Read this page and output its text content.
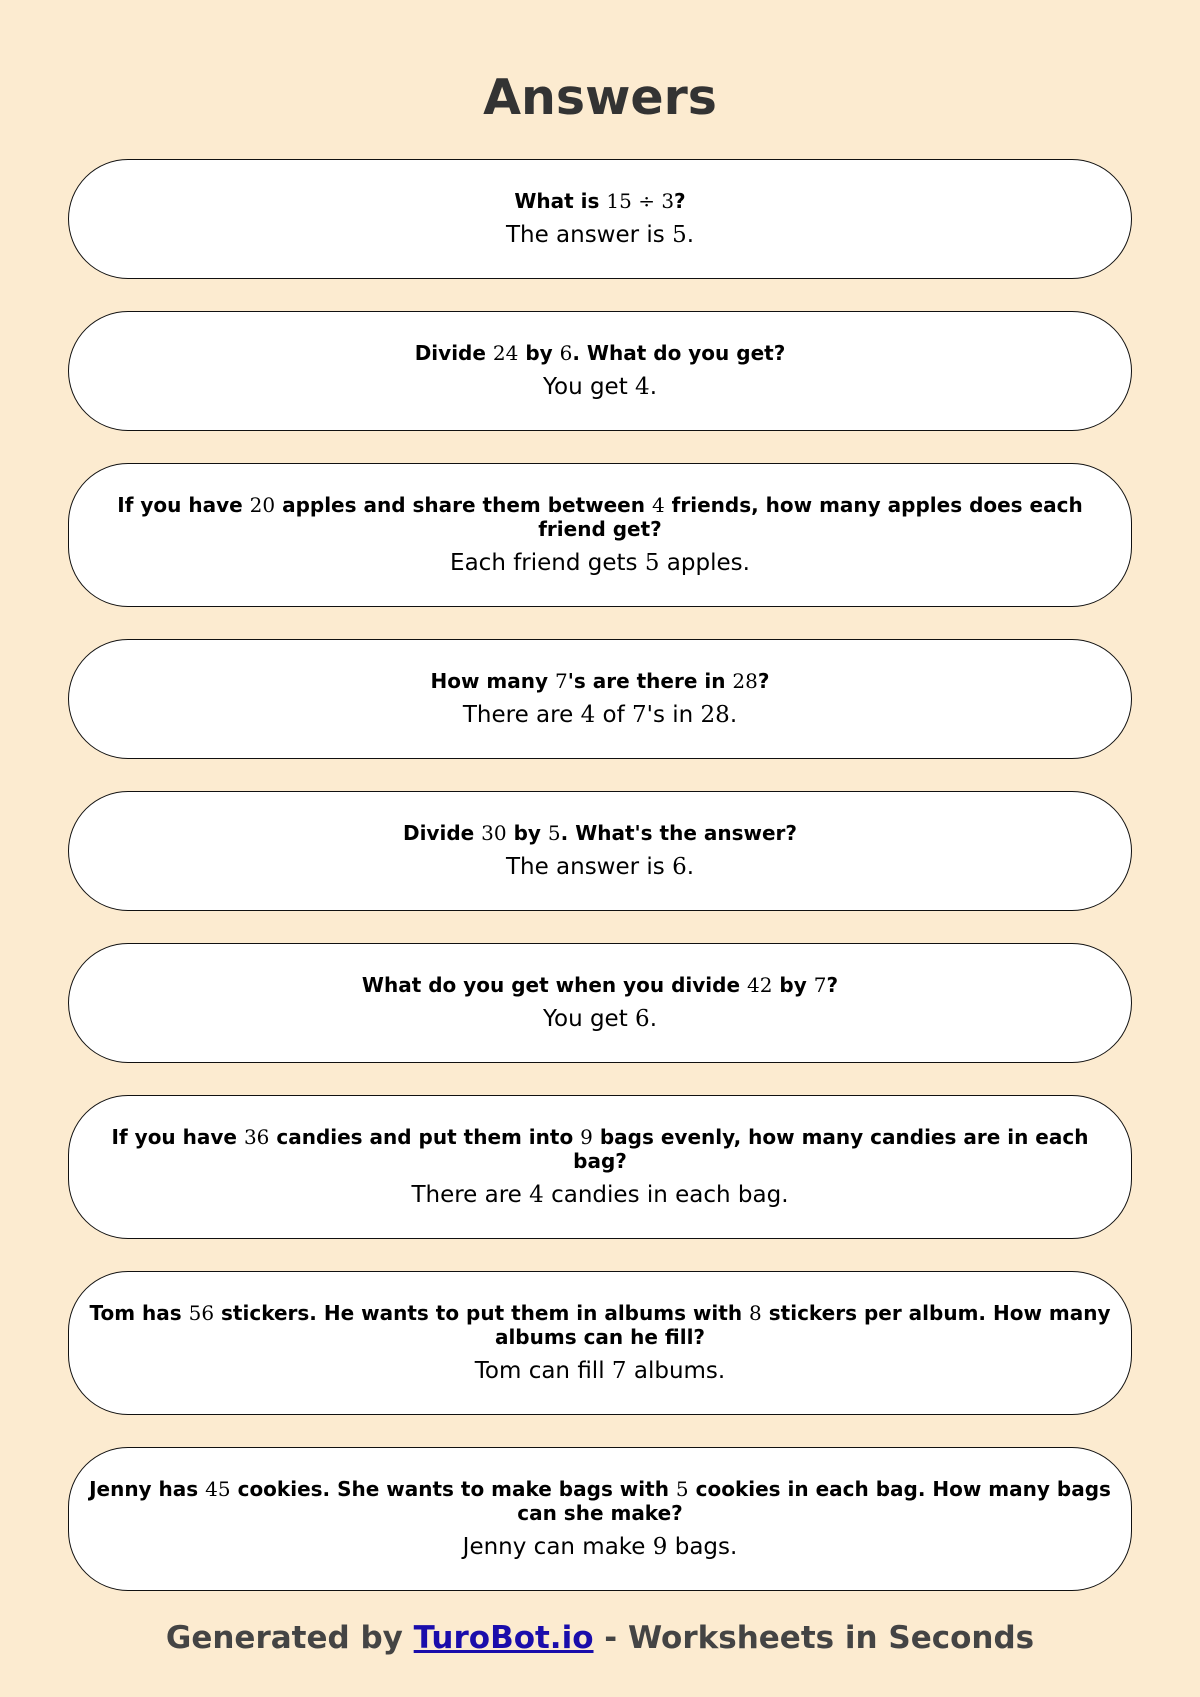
Answers

What is 15 ÷ 3?

The answer is 5.

Divide 24 by 6. What do you get?

You get 4.

If you have 20 apples and share them between 4 friends, how many apples does each friend get?

Each friend gets 5 apples.

How many 7's are there in 28?

There are 4 of 7's in 28.

Divide 30 by 5. What's the answer?

The answer is 6.

What do you get when you divide 42 by 7?

You get 6.

If you have 36 candies and put them into 9 bags evenly, how many candies are in each bag?

There are 4 candies in each bag.

Tom has 56 stickers. He wants to put them in albums with 8 stickers per album. How many albums can he fill?

Tom can fill 7 albums.

Jenny has 45 cookies. She wants to make bags with 5 cookies in each bag. How many bags can she make?

Jenny can make 9 bags.

Generated by TuroBot.io - Worksheets in Seconds
